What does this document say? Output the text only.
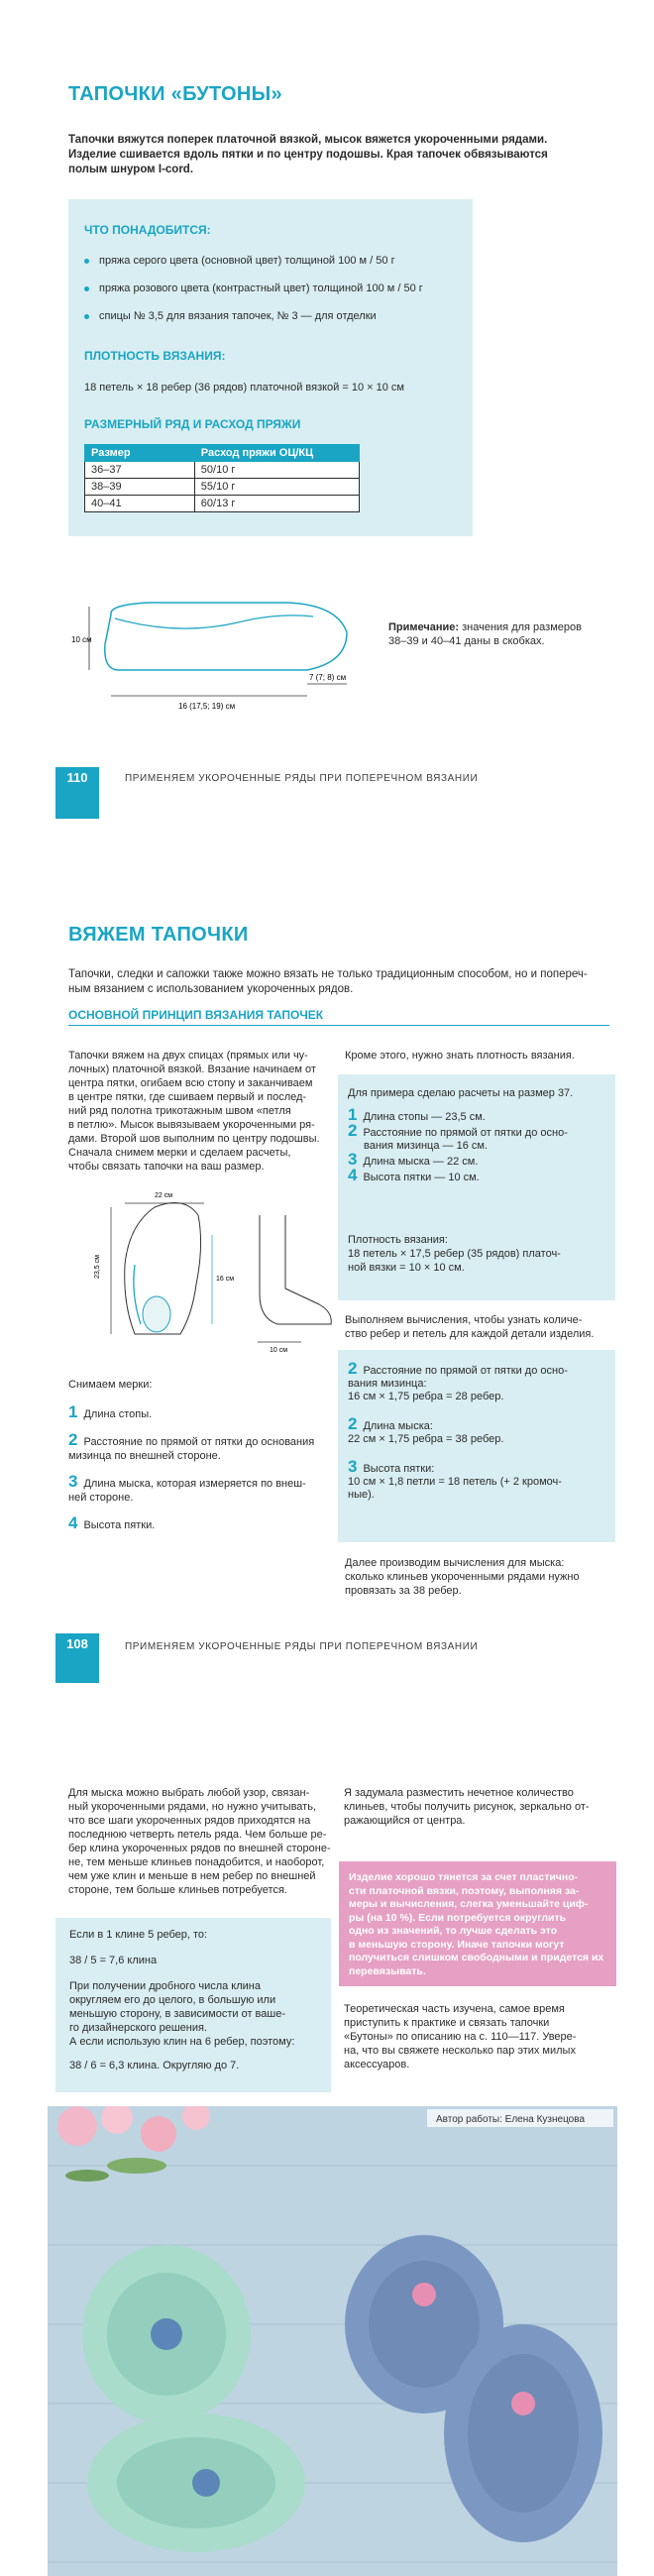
ТАПОЧКИ «БУТОНЫ»
Тапочки вяжутся поперек платочной вязкой, мысок вяжется укороченными рядами.
Изделие сшивается вдоль пятки и по центру подошвы. Края тапочек обвязываются
полым шнуром I-cord.
ЧТО ПОНАДОБИТСЯ:
пряжа серого цвета (основной цвет) толщиной 100 м / 50 г
пряжа розового цвета (контрастный цвет) толщиной 100 м / 50 г
спицы № 3,5 для вязания тапочек, № 3 — для отделки
ПЛОТНОСТЬ ВЯЗАНИЯ:
18 петель × 18 ребер (36 рядов) платочной вязкой = 10 × 10 см
РАЗМЕРНЫЙ РЯД И РАСХОД ПРЯЖИ
Размер	Расход пряжи ОЦ/КЦ
36–37	50/10 г
38–39	55/10 г
40–41	60/13 г
10 см
16 (17,5; 19) см
7 (7; 8) см
Примечание: значения для размеров
38–39 и 40–41 даны в скобках.
110	ПРИМЕНЯЕМ УКОРОЧЕННЫЕ РЯДЫ ПРИ ПОПЕРЕЧНОМ ВЯЗАНИИ
ВЯЖЕМ ТАПОЧКИ
Тапочки, следки и сапожки также можно вязать не только традиционным способом, но и попереч-
ным вязанием с использованием укороченных рядов.
ОСНОВНОЙ ПРИНЦИП ВЯЗАНИЯ ТАПОЧЕК
Тапочки вяжем на двух спицах (прямых или чу-
лочных) платочной вязкой. Вязание начинаем от
центра пятки, огибаем всю стопу и заканчиваем
в центре пятки, где сшиваем первый и послед-
ний ряд полотна трикотажным швом «петля
в петлю». Мысок вывязываем укороченными ря-
дами. Второй шов выполним по центру подошвы.
Сначала снимем мерки и сделаем расчеты,
чтобы связать тапочки на ваш размер.
22 см
23,5 см
16 см
10 см
Снимаем мерки:
1 Длина стопы.
2 Расстояние по прямой от пятки до основания
мизинца по внешней стороне.
3 Длина мыска, которая измеряется по внеш-
ней стороне.
4 Высота пятки.
Кроме этого, нужно знать плотность вязания.
Для примера сделаю расчеты на размер 37.
1 Длина стопы — 23,5 см.
2 Расстояние по прямой от пятки до осно-
вания мизинца — 16 см.
3 Длина мыска — 22 см.
4 Высота пятки — 10 см.
Плотность вязания:
18 петель × 17,5 ребер (35 рядов) платоч-
ной вязки = 10 × 10 см.
Выполняем вычисления, чтобы узнать количе-
ство ребер и петель для каждой детали изделия.
2 Расстояние по прямой от пятки до осно-
вания мизинца:
16 см × 1,75 ребра = 28 ребер.
2 Длина мыска:
22 см × 1,75 ребра = 38 ребер.
3 Высота пятки:
10 см × 1,8 петли = 18 петель (+ 2 кромоч-
ные).
Далее производим вычисления для мыска:
сколько клиньев укороченными рядами нужно
провязать за 38 ребер.
108	ПРИМЕНЯЕМ УКОРОЧЕННЫЕ РЯДЫ ПРИ ПОПЕРЕЧНОМ ВЯЗАНИИ
Для мыска можно выбрать любой узор, связан-
ный укороченными рядами, но нужно учитывать,
что все шаги укороченных рядов приходятся на
последнюю четверть петель ряда. Чем больше ре-
бер клина укороченных рядов по внешней стороне-
не, тем меньше клиньев понадобится, и наоборот,
чем уже клин и меньше в нем ребер по внешней
стороне, тем больше клиньев потребуется.
Если в 1 клине 5 ребер, то:
38 / 5 = 7,6 клина
При получении дробного числа клина
округляем его до целого, в большую или
меньшую сторону, в зависимости от ваше-
го дизайнерского решения.
А если использую клин на 6 ребер, поэтому:
38 / 6 = 6,3 клина. Округляю до 7.
Я задумала разместить нечетное количество
клиньев, чтобы получить рисунок, зеркально от-
ражающийся от центра.
Изделие хорошо тянется за счет пластично-
сти платочной вязки, поэтому, выполняя за-
меры и вычисления, слегка уменьшайте циф-
ры (на 10 %). Если потребуется округлить
одно из значений, то лучше сделать это
в меньшую сторону. Иначе тапочки могут
получиться слишком свободными и придется их
перевязывать.
Теоретическая часть изучена, самое время
приступить к практике и связать тапочки
«Бутоны» по описанию на с. 110—117. Увере-
на, что вы свяжете несколько пар этих милых
аксессуаров.
Автор работы: Елена Кузнецова
